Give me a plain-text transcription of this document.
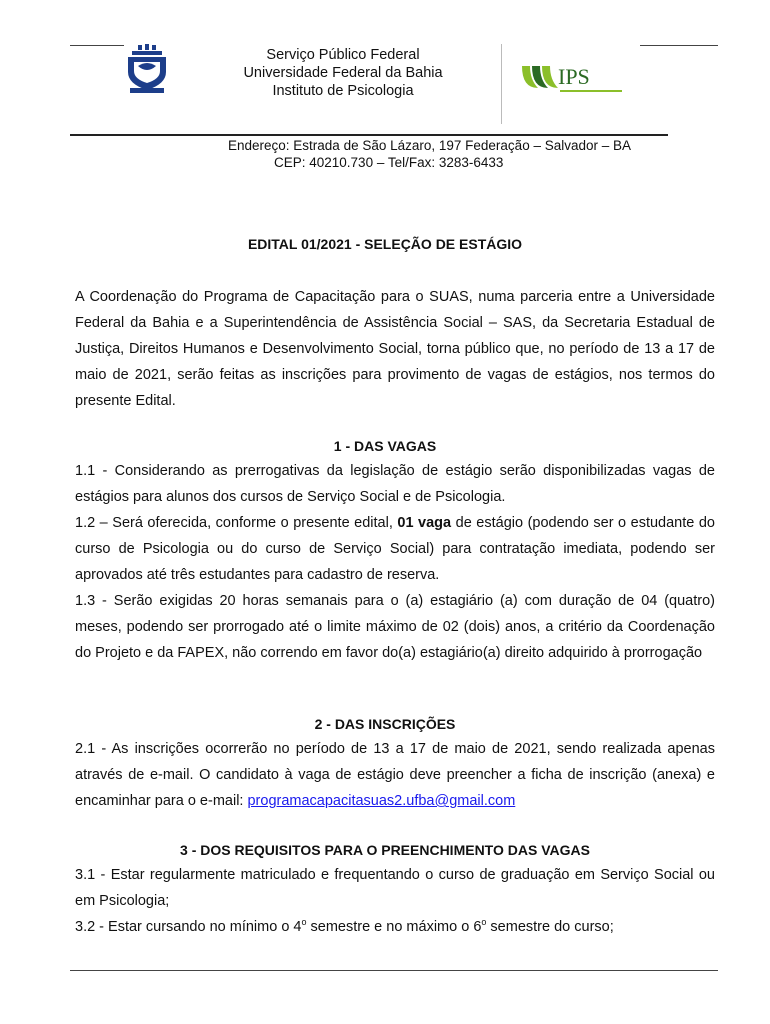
Serviço Público Federal
Universidade Federal da Bahia
Instituto de Psicologia
IPS
Endereço: Estrada de São Lázaro, 197 Federação – Salvador – BA
CEP: 40210.730 – Tel/Fax: 3283-6433
EDITAL 01/2021 - SELEÇÃO DE ESTÁGIO
A Coordenação do Programa de Capacitação para o SUAS, numa parceria entre a Universidade Federal da Bahia e a Superintendência de Assistência Social – SAS, da Secretaria Estadual de Justiça, Direitos Humanos e Desenvolvimento Social, torna público que, no período de 13 a 17 de maio de 2021, serão feitas as inscrições para provimento de vagas de estágios, nos termos do presente Edital.
1 - DAS VAGAS
1.1 - Considerando as prerrogativas da legislação de estágio serão disponibilizadas vagas de estágios para alunos dos cursos de Serviço Social e de Psicologia.
1.2 – Será oferecida, conforme o presente edital, 01 vaga de estágio (podendo ser o estudante do curso de Psicologia ou do curso de Serviço Social) para contratação imediata, podendo ser aprovados até três estudantes para cadastro de reserva.
1.3 - Serão exigidas 20 horas semanais para o (a) estagiário (a) com duração de 04 (quatro) meses, podendo ser prorrogado até o limite máximo de 02 (dois) anos, a critério da Coordenação do Projeto e da FAPEX, não correndo em favor do(a) estagiário(a) direito adquirido à prorrogação
2 - DAS INSCRIÇÕES
2.1 - As inscrições ocorrerão no período de 13 a 17 de maio de 2021, sendo realizada apenas através de e-mail. O candidato à vaga de estágio deve preencher a ficha de inscrição (anexa) e encaminhar para o e-mail: programacapacitasuas2.ufba@gmail.com
3 - DOS REQUISITOS PARA O PREENCHIMENTO DAS VAGAS
3.1 - Estar regularmente matriculado e frequentando o curso de graduação em Serviço Social ou em Psicologia;
3.2 - Estar cursando no mínimo o 4$^o$ semestre e no máximo o 6$^o$ semestre do curso;
